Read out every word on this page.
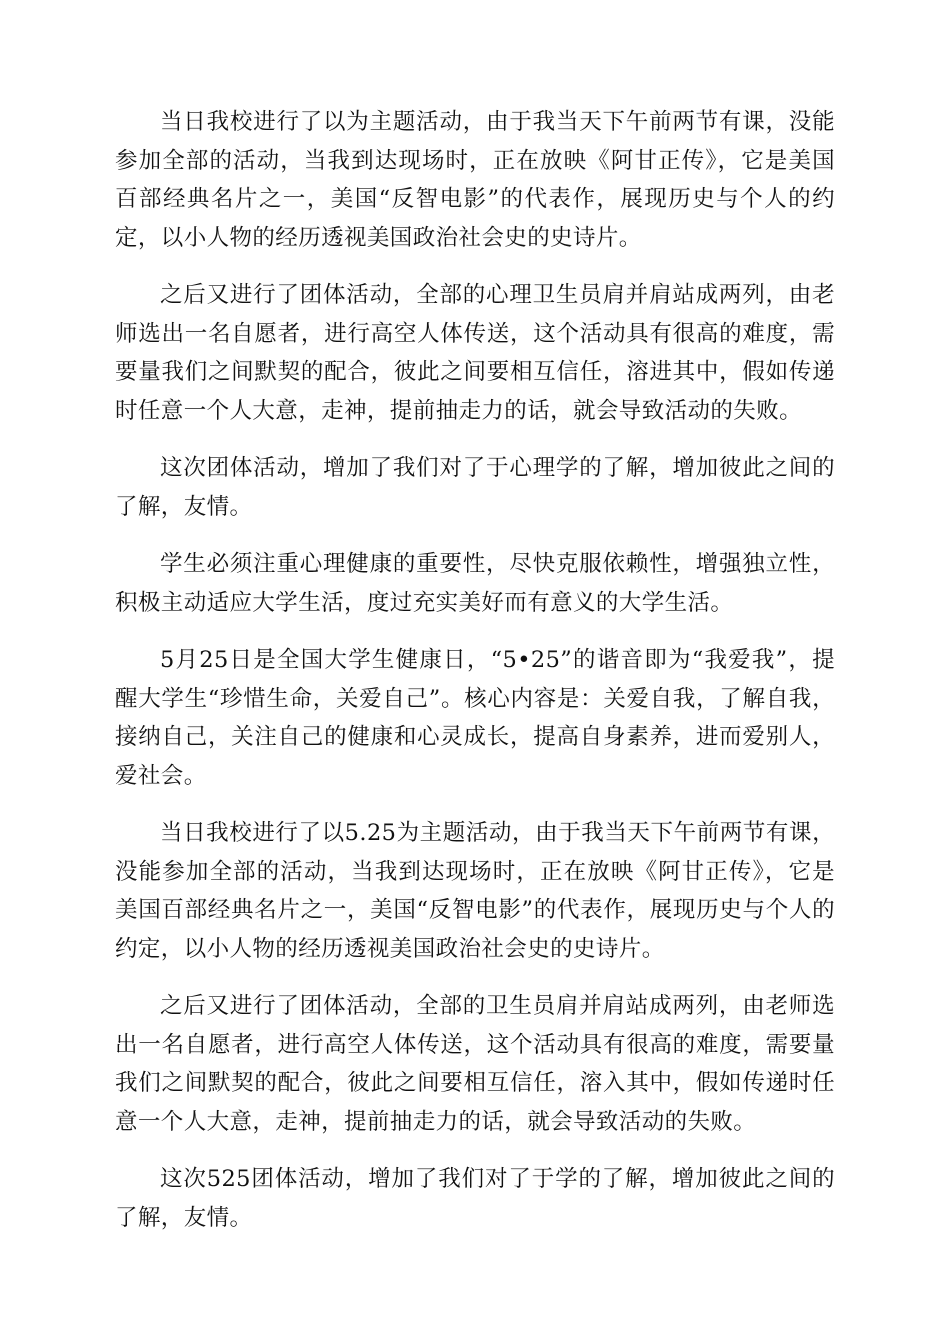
当日我校进行了以为主题活动，由于我当天下午前两节有课，没能参加全部的活动，当我到达现场时，正在放映《阿甘正传》，它是美国百部经典名片之一，美国“反智电影”的代表作，展现历史与个人的约定，以小人物的经历透视美国政治社会史的史诗片。

之后又进行了团体活动，全部的心理卫生员肩并肩站成两列，由老师选出一名自愿者，进行高空人体传送，这个活动具有很高的难度，需要量我们之间默契的配合，彼此之间要相互信任，溶进其中，假如传递时任意一个人大意，走神，提前抽走力的话，就会导致活动的失败。

这次团体活动，增加了我们对了于心理学的了解，增加彼此之间的了解，友情。

学生必须注重心理健康的重要性，尽快克服依赖性，增强独立性，积极主动适应大学生活，度过充实美好而有意义的大学生活。

5月25日是全国大学生健康日，“5•25”的谐音即为“我爱我”，提醒大学生“珍惜生命，关爱自己”。核心内容是：关爱自我，了解自我，接纳自己，关注自己的健康和心灵成长，提高自身素养，进而爱别人，爱社会。

当日我校进行了以5.25为主题活动，由于我当天下午前两节有课，没能参加全部的活动，当我到达现场时，正在放映《阿甘正传》，它是美国百部经典名片之一，美国“反智电影”的代表作，展现历史与个人的约定，以小人物的经历透视美国政治社会史的史诗片。

之后又进行了团体活动，全部的卫生员肩并肩站成两列，由老师选出一名自愿者，进行高空人体传送，这个活动具有很高的难度，需要量我们之间默契的配合，彼此之间要相互信任，溶入其中，假如传递时任意一个人大意，走神，提前抽走力的话，就会导致活动的失败。

这次525团体活动，增加了我们对了于学的了解，增加彼此之间的了解，友情。
